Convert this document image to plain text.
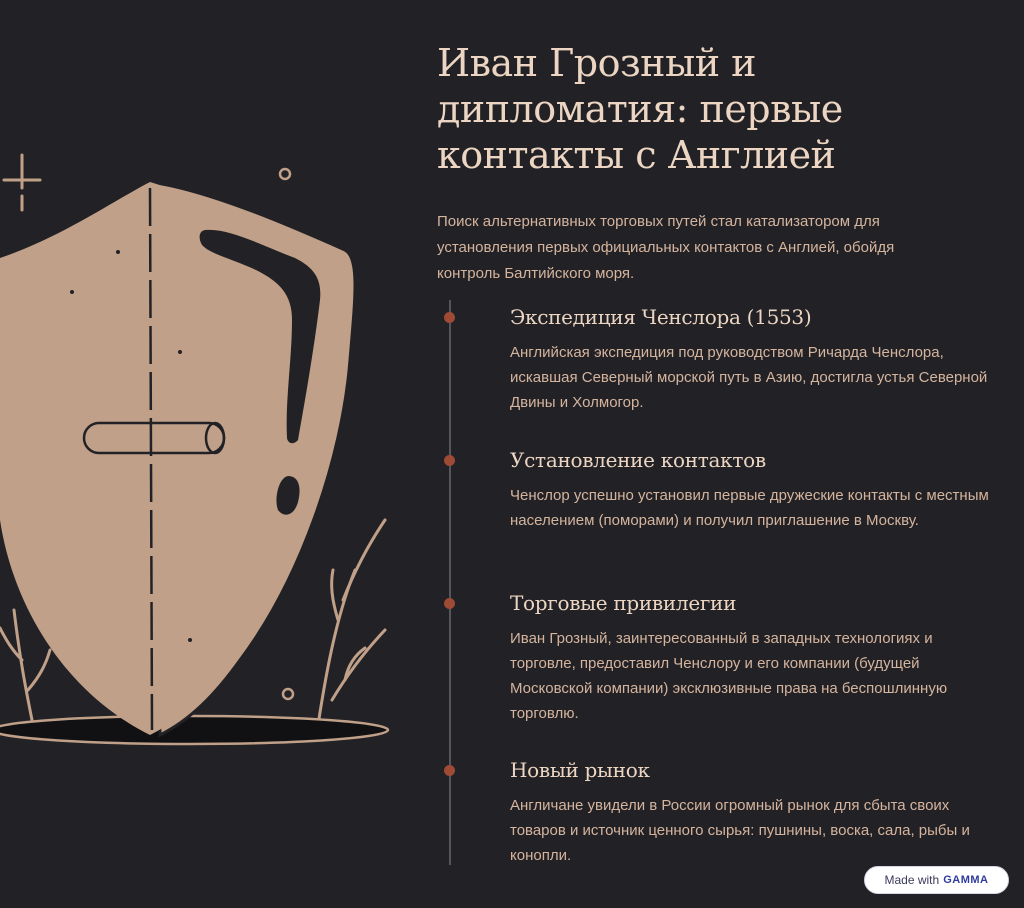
Иван Грозный и дипломатия: первые контакты с Англией

Поиск альтернативных торговых путей стал катализатором для установления первых официальных контактов с Англией, обойдя контроль Балтийского моря.

Экспедиция Ченслора (1553)

Английская экспедиция под руководством Ричарда Ченслора, искавшая Северный морской путь в Азию, достигла устья Северной Двины и Холмогор.

Установление контактов

Ченслор успешно установил первые дружеские контакты с местным населением (поморами) и получил приглашение в Москву.

Торговые привилегии

Иван Грозный, заинтересованный в западных технологиях и торговле, предоставил Ченслору и его компании (будущей Московской компании) эксклюзивные права на беспошлинную торговлю.

Новый рынок

Англичане увидели в России огромный рынок для сбыта своих товаров и источник ценного сырья: пушнины, воска, сала, рыбы и конопли.

Made with GAMMA
